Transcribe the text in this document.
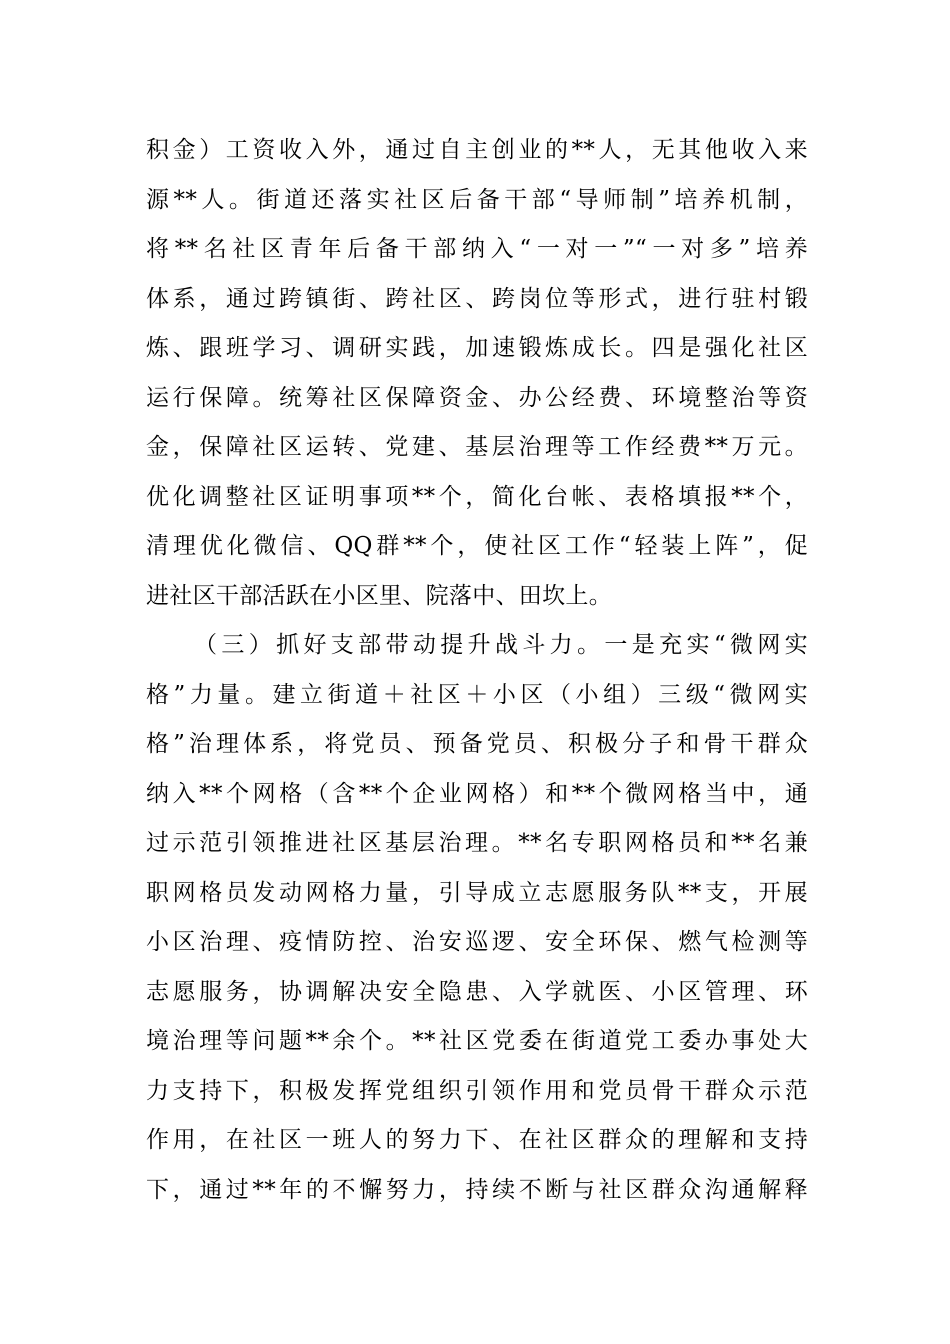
积金）工资收入外，通过自主创业的**人，无其他收入来
源**人。街道还落实社区后备干部“导师制”培养机制，
将**名社区青年后备干部纳入“一对一”“一对多”培养
体系，通过跨镇街、跨社区、跨岗位等形式，进行驻村锻
炼、跟班学习、调研实践，加速锻炼成长。四是强化社区
运行保障。统筹社区保障资金、办公经费、环境整治等资
金，保障社区运转、党建、基层治理等工作经费**万元。
优化调整社区证明事项**个，简化台帐、表格填报**个，
清理优化微信、QQ群**个，使社区工作“轻装上阵”，促
进社区干部活跃在小区里、院落中、田坎上。
（三）抓好支部带动提升战斗力。一是充实“微网实
格”力量。建立街道＋社区＋小区（小组）三级“微网实
格”治理体系，将党员、预备党员、积极分子和骨干群众
纳入**个网格（含**个企业网格）和**个微网格当中，通
过示范引领推进社区基层治理。**名专职网格员和**名兼
职网格员发动网格力量，引导成立志愿服务队**支，开展
小区治理、疫情防控、治安巡逻、安全环保、燃气检测等
志愿服务，协调解决安全隐患、入学就医、小区管理、环
境治理等问题**余个。**社区党委在街道党工委办事处大
力支持下，积极发挥党组织引领作用和党员骨干群众示范
作用，在社区一班人的努力下、在社区群众的理解和支持
下，通过**年的不懈努力，持续不断与社区群众沟通解释
